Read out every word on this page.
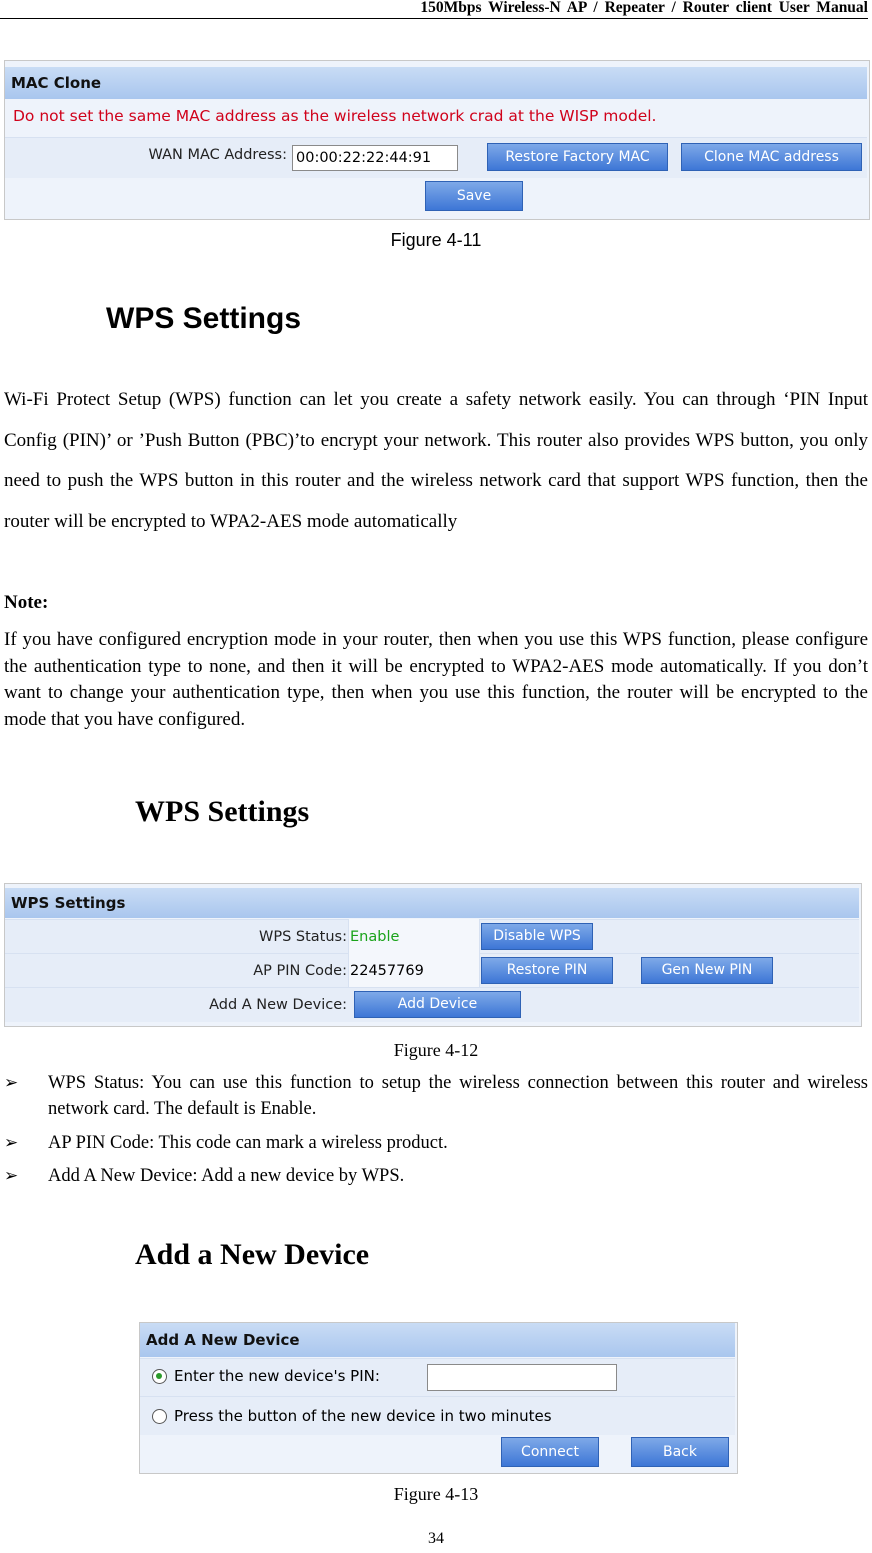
150Mbps Wireless-N AP / Repeater / Router client User Manual
MAC Clone
Do not set the same MAC address as the wireless network crad at the WISP model.
WAN MAC Address:
00:00:22:22:44:91	Restore Factory MAC	Clone MAC address
Save
Figure 4-11
WPS Settings
Wi-Fi Protect Setup (WPS) function can let you create a safety network easily. You can through ‘PIN Input Config (PIN)’ or ’Push Button (PBC)’to encrypt your network. This router also provides WPS button, you only need to push the WPS button in this router and the wireless network card that support WPS function, then the router will be encrypted to WPA2-AES mode automatically
Note:
If you have configured encryption mode in your router, then when you use this WPS function, please configure the authentication type to none, and then it will be encrypted to WPA2-AES mode automatically. If you don’t want to change your authentication type, then when you use this function, the router will be encrypted to the mode that you have configured.
WPS Settings
WPS Settings
WPS Status: Enable	Disable WPS
AP PIN Code: 22457769	Restore PIN	Gen New PIN
Add A New Device:	Add Device
Figure 4-12
➢ WPS Status: You can use this function to setup the wireless connection between this router and wireless network card. The default is Enable.
➢ AP PIN Code: This code can mark a wireless product.
➢ Add A New Device: Add a new device by WPS.
Add a New Device
Add A New Device
Enter the new device's PIN:
Press the button of the new device in two minutes
Connect	Back
Figure 4-13
34
